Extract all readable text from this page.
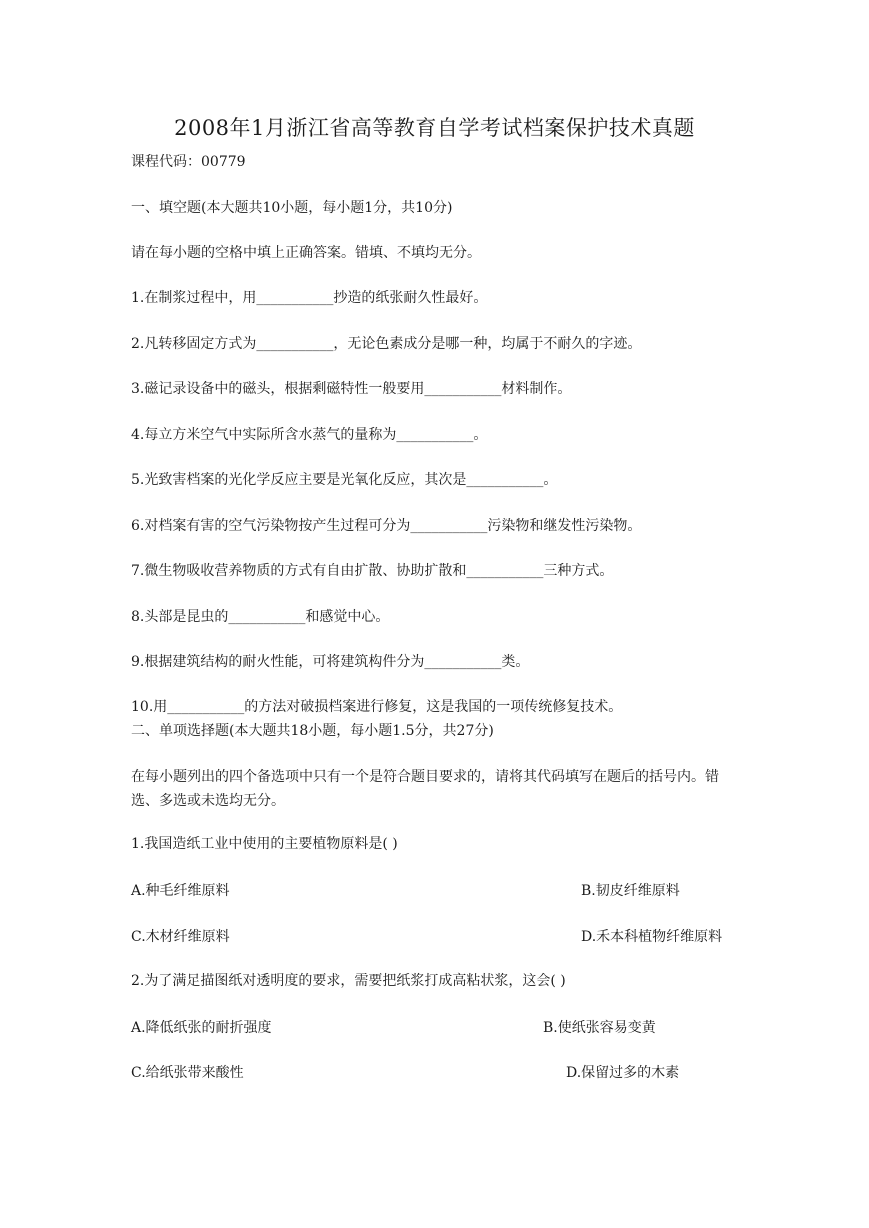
2008年1月浙江省高等教育自学考试档案保护技术真题
课程代码：00779
一、填空题(本大题共10小题，每小题1分，共10分)
请在每小题的空格中填上正确答案。错填、不填均无分。
1.在制浆过程中，用___________抄造的纸张耐久性最好。
2.凡转移固定方式为___________，无论色素成分是哪一种，均属于不耐久的字迹。
3.磁记录设备中的磁头，根据剩磁特性一般要用___________材料制作。
4.每立方米空气中实际所含水蒸气的量称为___________。
5.光致害档案的光化学反应主要是光氧化反应，其次是___________。
6.对档案有害的空气污染物按产生过程可分为___________污染物和继发性污染物。
7.微生物吸收营养物质的方式有自由扩散、协助扩散和___________三种方式。
8.头部是昆虫的___________和感觉中心。
9.根据建筑结构的耐火性能，可将建筑构件分为___________类。
10.用___________的方法对破损档案进行修复，这是我国的一项传统修复技术。
二、单项选择题(本大题共18小题，每小题1.5分，共27分)
在每小题列出的四个备选项中只有一个是符合题目要求的，请将其代码填写在题后的括号内。错选、多选或未选均无分。
1.我国造纸工业中使用的主要植物原料是( )
A.种毛纤维原料	B.韧皮纤维原料
C.木材纤维原料	D.禾本科植物纤维原料
2.为了满足描图纸对透明度的要求，需要把纸浆打成高粘状浆，这会( )
A.降低纸张的耐折强度	B.使纸张容易变黄
C.给纸张带来酸性	D.保留过多的木素
